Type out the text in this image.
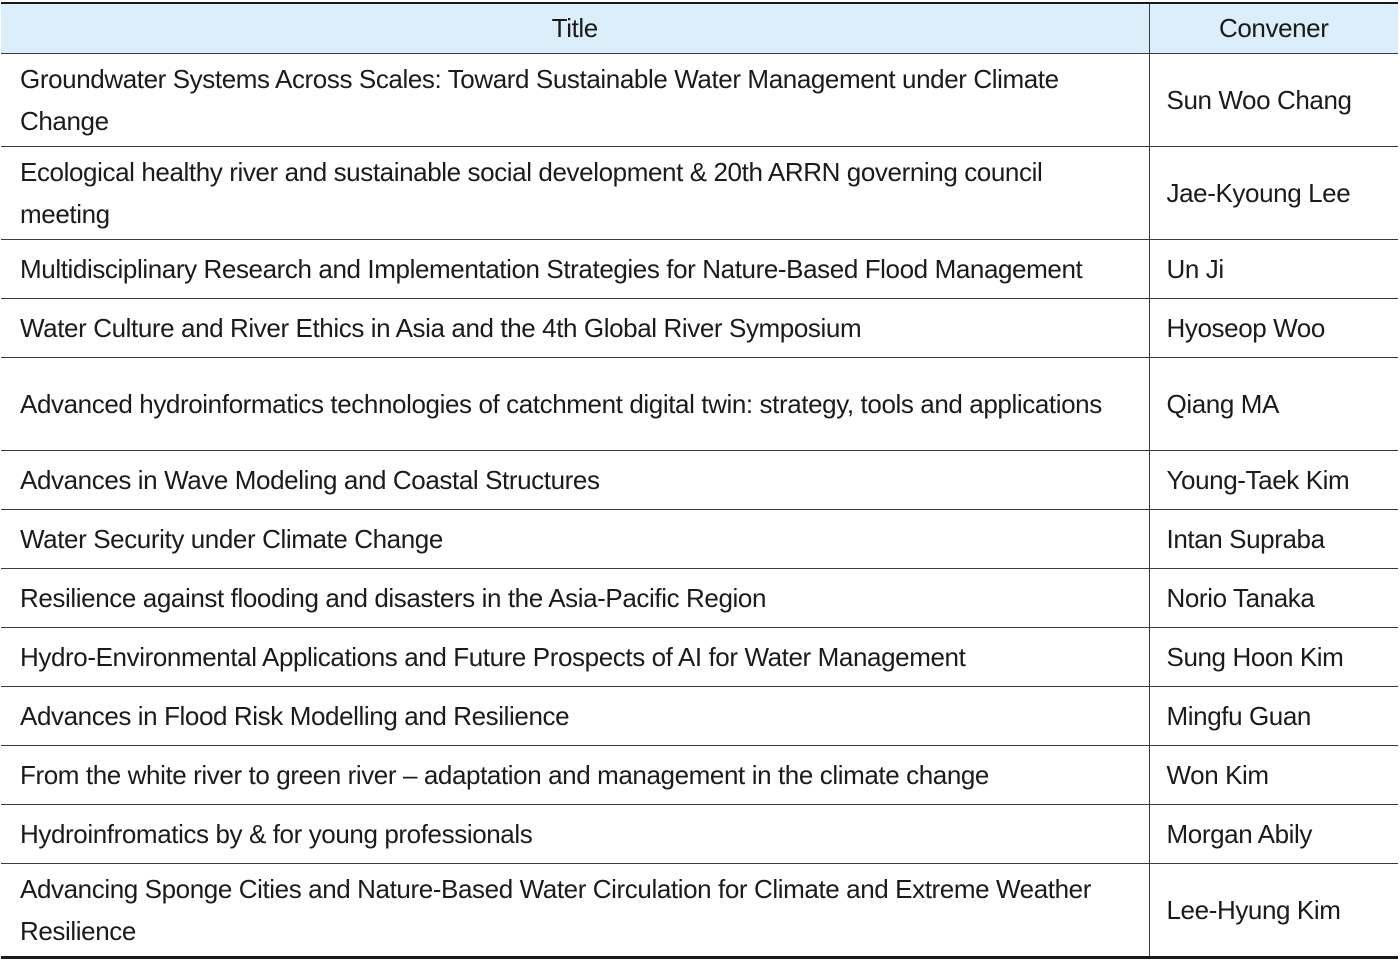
Title	Convener
Groundwater Systems Across Scales: Toward Sustainable Water Management under Climate Change	Sun Woo Chang
Ecological healthy river and sustainable social development & 20th ARRN governing council meeting	Jae-Kyoung Lee
Multidisciplinary Research and Implementation Strategies for Nature-Based Flood Management	Un Ji
Water Culture and River Ethics in Asia and the 4th Global River Symposium	Hyoseop Woo
Advanced hydroinformatics technologies of catchment digital twin: strategy, tools and applications	Qiang MA
Advances in Wave Modeling and Coastal Structures	Young-Taek Kim
Water Security under Climate Change	Intan Supraba
Resilience against flooding and disasters in the Asia-Pacific Region	Norio Tanaka
Hydro-Environmental Applications and Future Prospects of AI for Water Management	Sung Hoon Kim
Advances in Flood Risk Modelling and Resilience	Mingfu Guan
From the white river to green river – adaptation and management in the climate change	Won Kim
Hydroinfromatics by & for young professionals	Morgan Abily
Advancing Sponge Cities and Nature-Based Water Circulation for Climate and Extreme Weather Resilience	Lee-Hyung Kim
